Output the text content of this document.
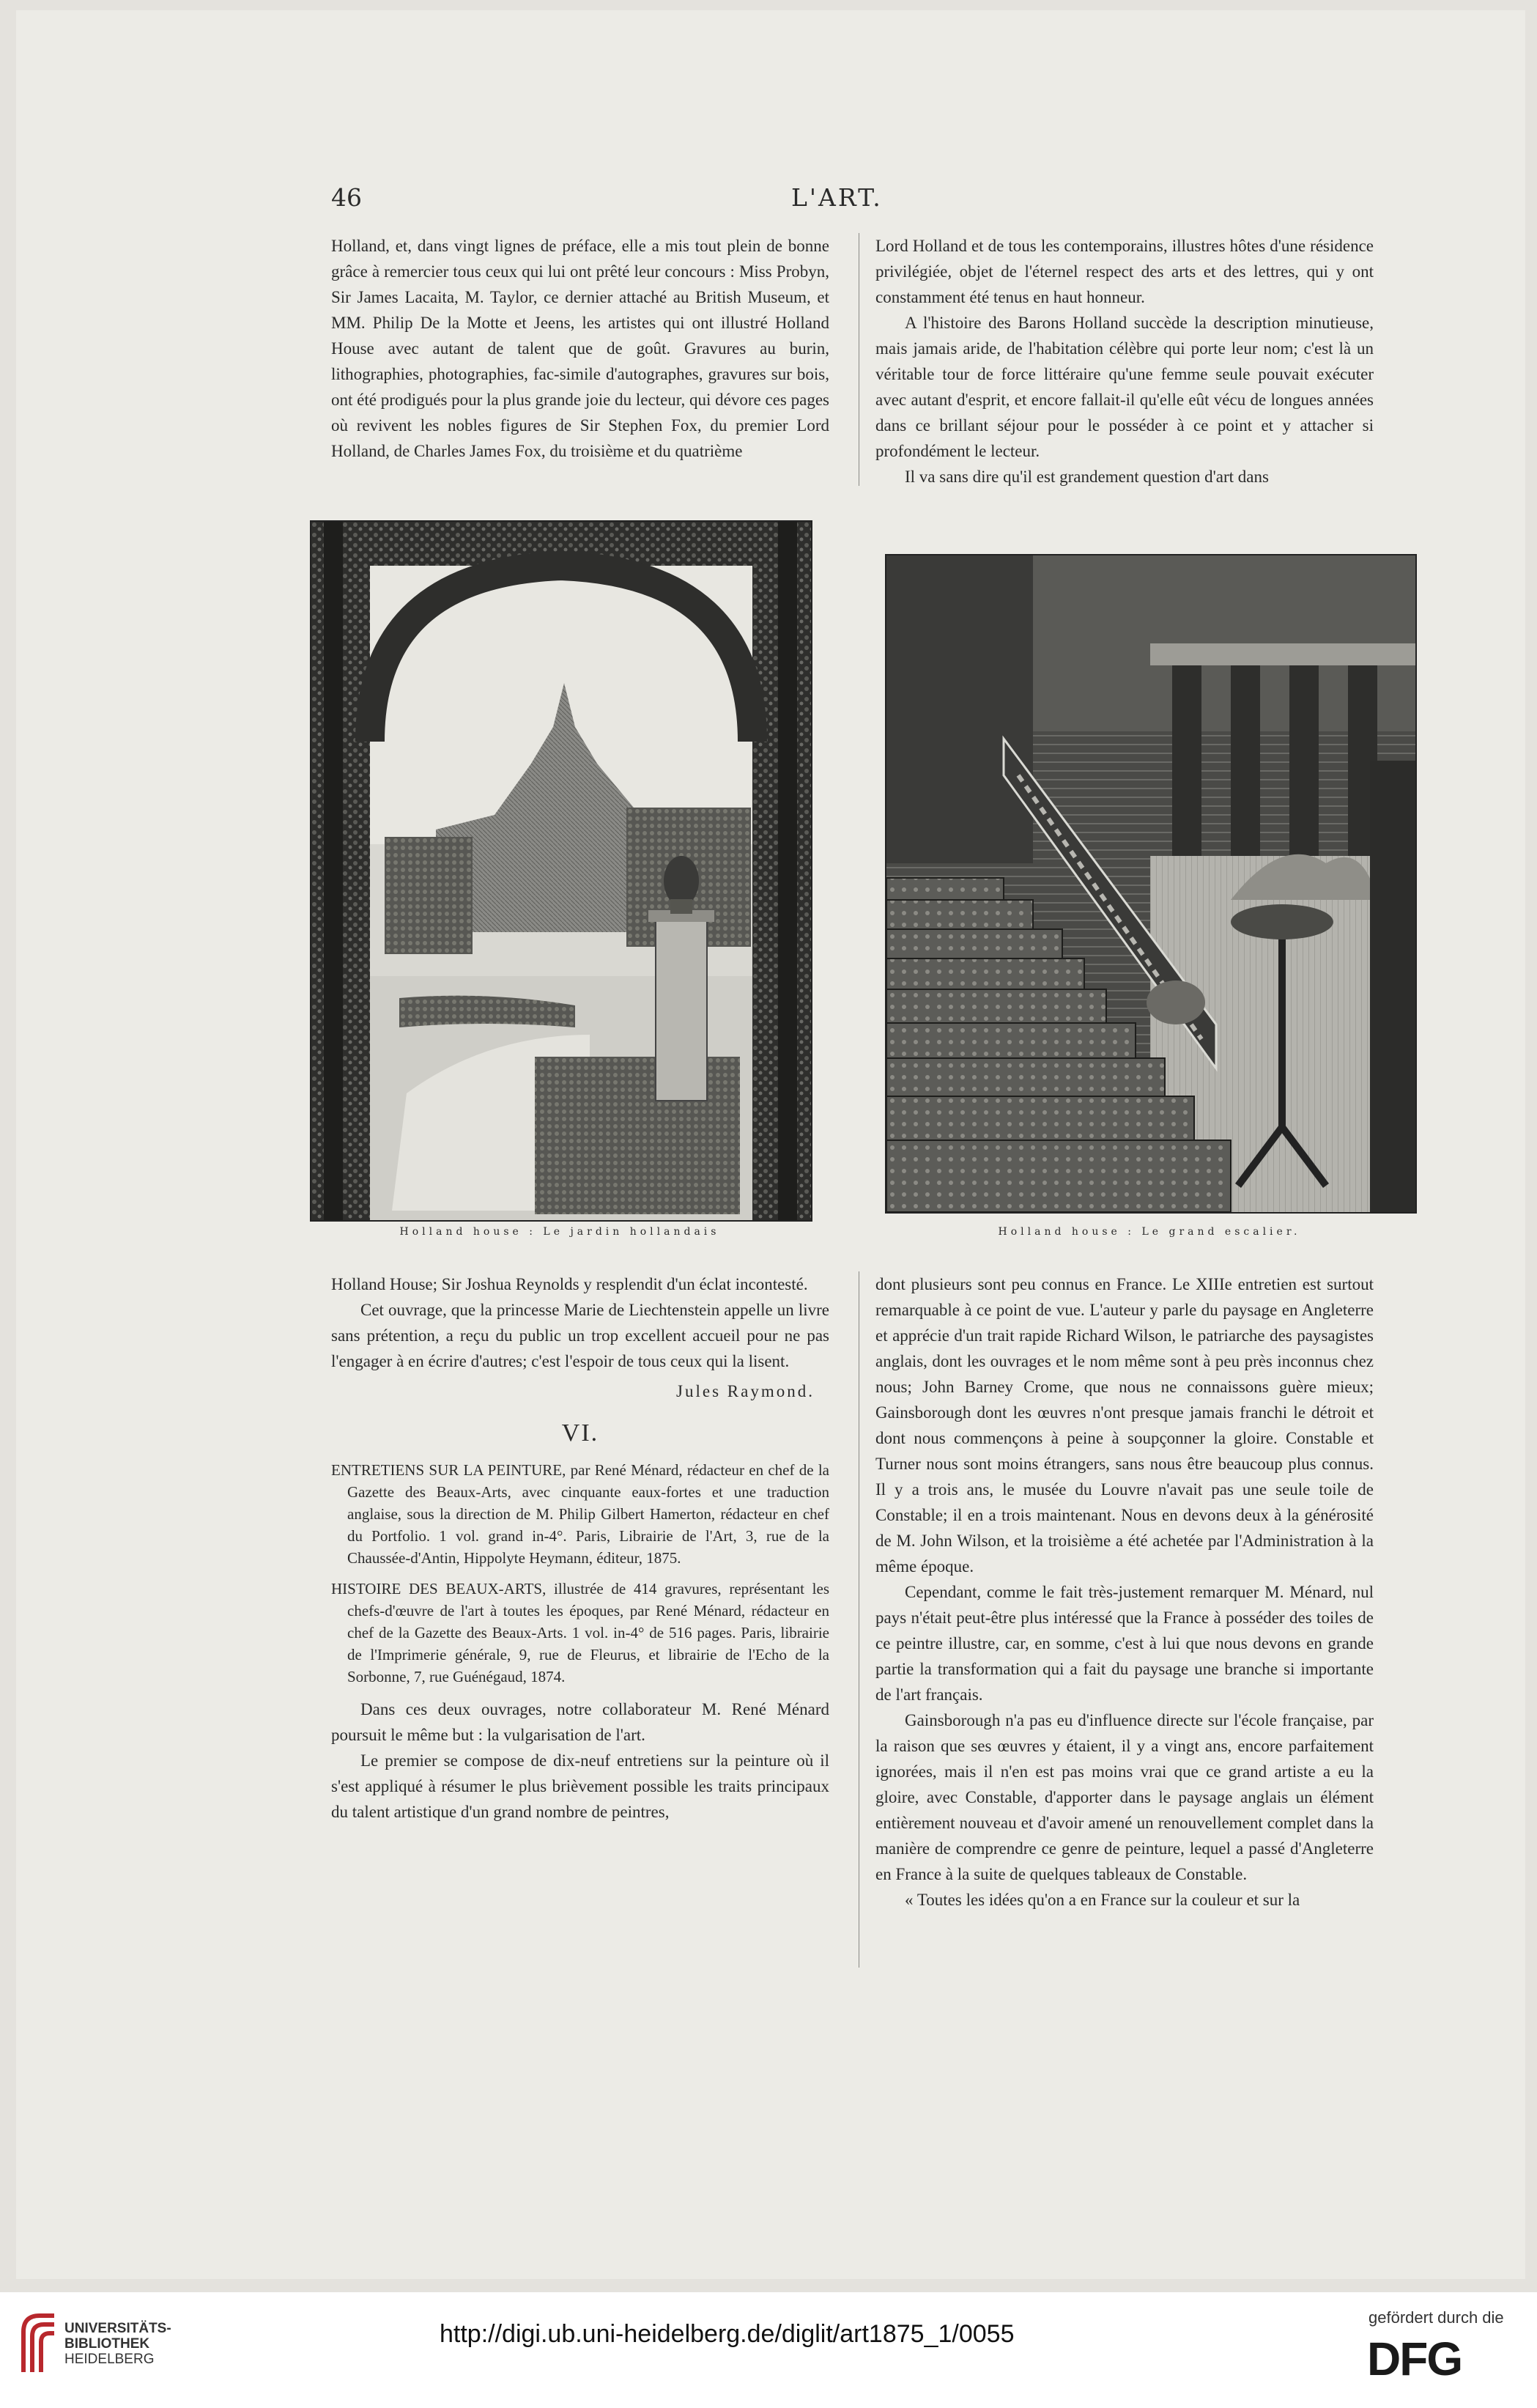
46	L'ART.

Holland, et, dans vingt lignes de préface, elle a mis tout plein de bonne grâce à remercier tous ceux qui lui ont prêté leur concours : Miss Probyn, Sir James Lacaita, M. Taylor, ce dernier attaché au British Museum, et MM. Philip De la Motte et Jeens, les artistes qui ont illustré Holland House avec autant de talent que de goût. Gravures au burin, lithographies, photographies, fac-simile d'autographes, gravures sur bois, ont été prodigués pour la plus grande joie du lecteur, qui dévore ces pages où revivent les nobles figures de Sir Stephen Fox, du premier Lord Holland, de Charles James Fox, du troisième et du quatrième

Lord Holland et de tous les contemporains, illustres hôtes d'une résidence privilégiée, objet de l'éternel respect des arts et des lettres, qui y ont constamment été tenus en haut honneur.

A l'histoire des Barons Holland succède la description minutieuse, mais jamais aride, de l'habitation célèbre qui porte leur nom; c'est là un véritable tour de force littéraire qu'une femme seule pouvait exécuter avec autant d'esprit, et encore fallait-il qu'elle eût vécu de longues années dans ce brillant séjour pour le posséder à ce point et y attacher si profondément le lecteur.

Il va sans dire qu'il est grandement question d'art dans

Holland house : Le jardin hollandais	Holland house : Le grand escalier.

Holland House; Sir Joshua Reynolds y resplendit d'un éclat incontesté.

Cet ouvrage, que la princesse Marie de Liechtenstein appelle un livre sans prétention, a reçu du public un trop excellent accueil pour ne pas l'engager à en écrire d'autres; c'est l'espoir de tous ceux qui la lisent.

Jules Raymond.

VI.

ENTRETIENS SUR LA PEINTURE, par René Ménard, rédacteur en chef de la Gazette des Beaux-Arts, avec cinquante eaux-fortes et une traduction anglaise, sous la direction de M. Philip Gilbert Hamerton, rédacteur en chef du Portfolio. 1 vol. grand in-4°. Paris, Librairie de l'Art, 3, rue de la Chaussée-d'Antin, Hippolyte Heymann, éditeur, 1875.

HISTOIRE DES BEAUX-ARTS, illustrée de 414 gravures, représentant les chefs-d'œuvre de l'art à toutes les époques, par René Ménard, rédacteur en chef de la Gazette des Beaux-Arts. 1 vol. in-4° de 516 pages. Paris, librairie de l'Imprimerie générale, 9, rue de Fleurus, et librairie de l'Echo de la Sorbonne, 7, rue Guénégaud, 1874.

Dans ces deux ouvrages, notre collaborateur M. René Ménard poursuit le même but : la vulgarisation de l'art.

Le premier se compose de dix-neuf entretiens sur la peinture où il s'est appliqué à résumer le plus brièvement possible les traits principaux du talent artistique d'un grand nombre de peintres,

dont plusieurs sont peu connus en France. Le XIIIe entretien est surtout remarquable à ce point de vue. L'auteur y parle du paysage en Angleterre et apprécie d'un trait rapide Richard Wilson, le patriarche des paysagistes anglais, dont les ouvrages et le nom même sont à peu près inconnus chez nous; John Barney Crome, que nous ne connaissons guère mieux; Gainsborough dont les œuvres n'ont presque jamais franchi le détroit et dont nous commençons à peine à soupçonner la gloire. Constable et Turner nous sont moins étrangers, sans nous être beaucoup plus connus. Il y a trois ans, le musée du Louvre n'avait pas une seule toile de Constable; il en a trois maintenant. Nous en devons deux à la générosité de M. John Wilson, et la troisième a été achetée par l'Administration à la même époque.

Cependant, comme le fait très-justement remarquer M. Ménard, nul pays n'était peut-être plus intéressé que la France à posséder des toiles de ce peintre illustre, car, en somme, c'est à lui que nous devons en grande partie la transformation qui a fait du paysage une branche si importante de l'art français.

Gainsborough n'a pas eu d'influence directe sur l'école française, par la raison que ses œuvres y étaient, il y a vingt ans, encore parfaitement ignorées, mais il n'en est pas moins vrai que ce grand artiste a eu la gloire, avec Constable, d'apporter dans le paysage anglais un élément entièrement nouveau et d'avoir amené un renouvellement complet dans la manière de comprendre ce genre de peinture, lequel a passé d'Angleterre en France à la suite de quelques tableaux de Constable.

« Toutes les idées qu'on a en France sur la couleur et sur la

UNIVERSITÄTS-
BIBLIOTHEK
HEIDELBERG
http://digi.ub.uni-heidelberg.de/diglit/art1875_1/0055
gefördert durch die
DFG
